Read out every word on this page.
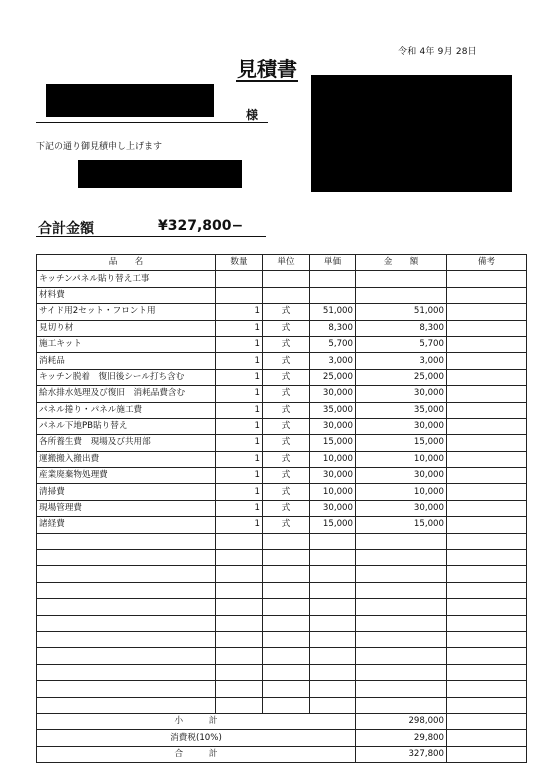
令和 4年 9月 28日
見積書
様
下記の通り御見積申し上げます
合計金額	¥327,800−
品　　名	数量	単位	単価	金　　額	備考
キッチンパネル貼り替え工事					
材料費					
サイド用2セット・フロント用	1	式	51,000	51,000	
見切り材	1	式	8,300	8,300	
施工キット	1	式	5,700	5,700	
消耗品	1	式	3,000	3,000	
キッチン脱着　復旧後シール打ち含む	1	式	25,000	25,000	
給水排水処理及び復旧　消耗品費含む	1	式	30,000	30,000	
パネル捲り・パネル施工費	1	式	35,000	35,000	
パネル下地PB貼り替え	1	式	30,000	30,000	
各所養生費　現場及び共用部	1	式	15,000	15,000	
運搬搬入搬出費	1	式	10,000	10,000	
産業廃棄物処理費	1	式	30,000	30,000	
清掃費	1	式	10,000	10,000	
現場管理費	1	式	30,000	30,000	
諸経費	1	式	15,000	15,000	

小　　　計				298,000	
消費税(10%)				29,800	
合　　　計				327,800	
